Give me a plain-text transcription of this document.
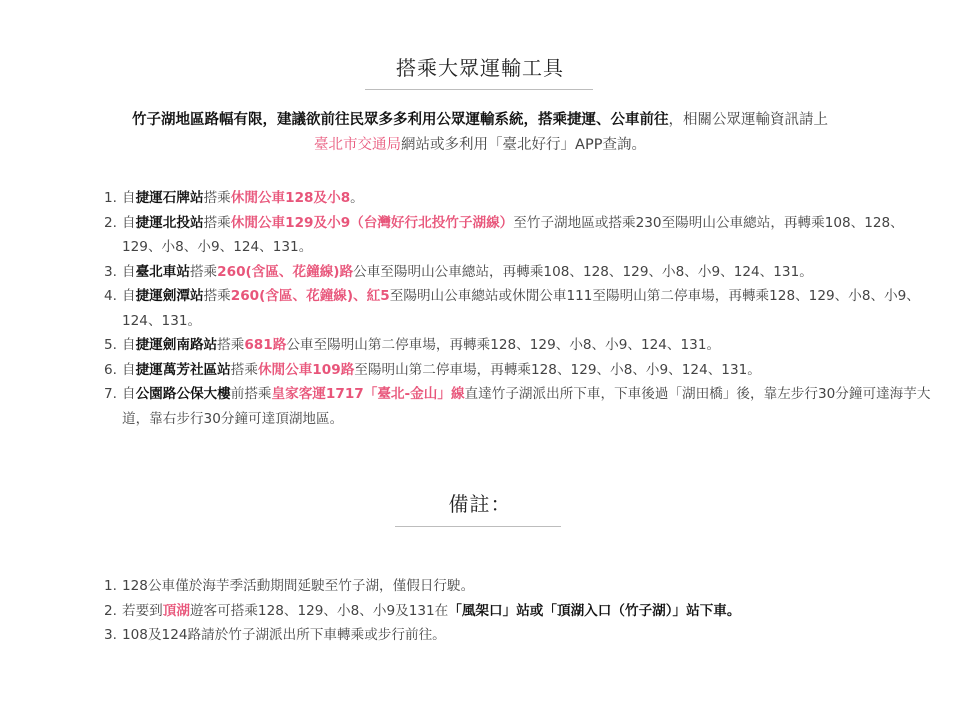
搭乘大眾運輸工具
竹子湖地區路幅有限，建議欲前往民眾多多利用公眾運輸系統，搭乘捷運、公車前往，相關公眾運輸資訊請上
臺北市交通局網站或多利用「臺北好行」APP查詢。
1. 自捷運石牌站搭乘休閒公車128及小8。
2. 自捷運北投站搭乘休閒公車129及小9（台灣好行北投竹子湖線）至竹子湖地區或搭乘230至陽明山公車總站，再轉乘108、128、129、小8、小9、124、131。
3. 自臺北車站搭乘260(含區、花鐘線)路公車至陽明山公車總站，再轉乘108、128、129、小8、小9、124、131。
4. 自捷運劍潭站搭乘260(含區、花鐘線)、紅5至陽明山公車總站或休閒公車111至陽明山第二停車場，再轉乘128、129、小8、小9、124、131。
5. 自捷運劍南路站搭乘681路公車至陽明山第二停車場，再轉乘128、129、小8、小9、124、131。
6. 自捷運萬芳社區站搭乘休閒公車109路至陽明山第二停車場，再轉乘128、129、小8、小9、124、131。
7. 自公園路公保大樓前搭乘皇家客運1717「臺北-金山」線直達竹子湖派出所下車，下車後過「湖田橋」後，靠左步行30分鐘可達海芋大道，靠右步行30分鐘可達頂湖地區。
備註：
1. 128公車僅於海芋季活動期間延駛至竹子湖，僅假日行駛。
2. 若要到頂湖遊客可搭乘128、129、小8、小9及131在「風架口」站或「頂湖入口（竹子湖）」站下車。
3. 108及124路請於竹子湖派出所下車轉乘或步行前往。
